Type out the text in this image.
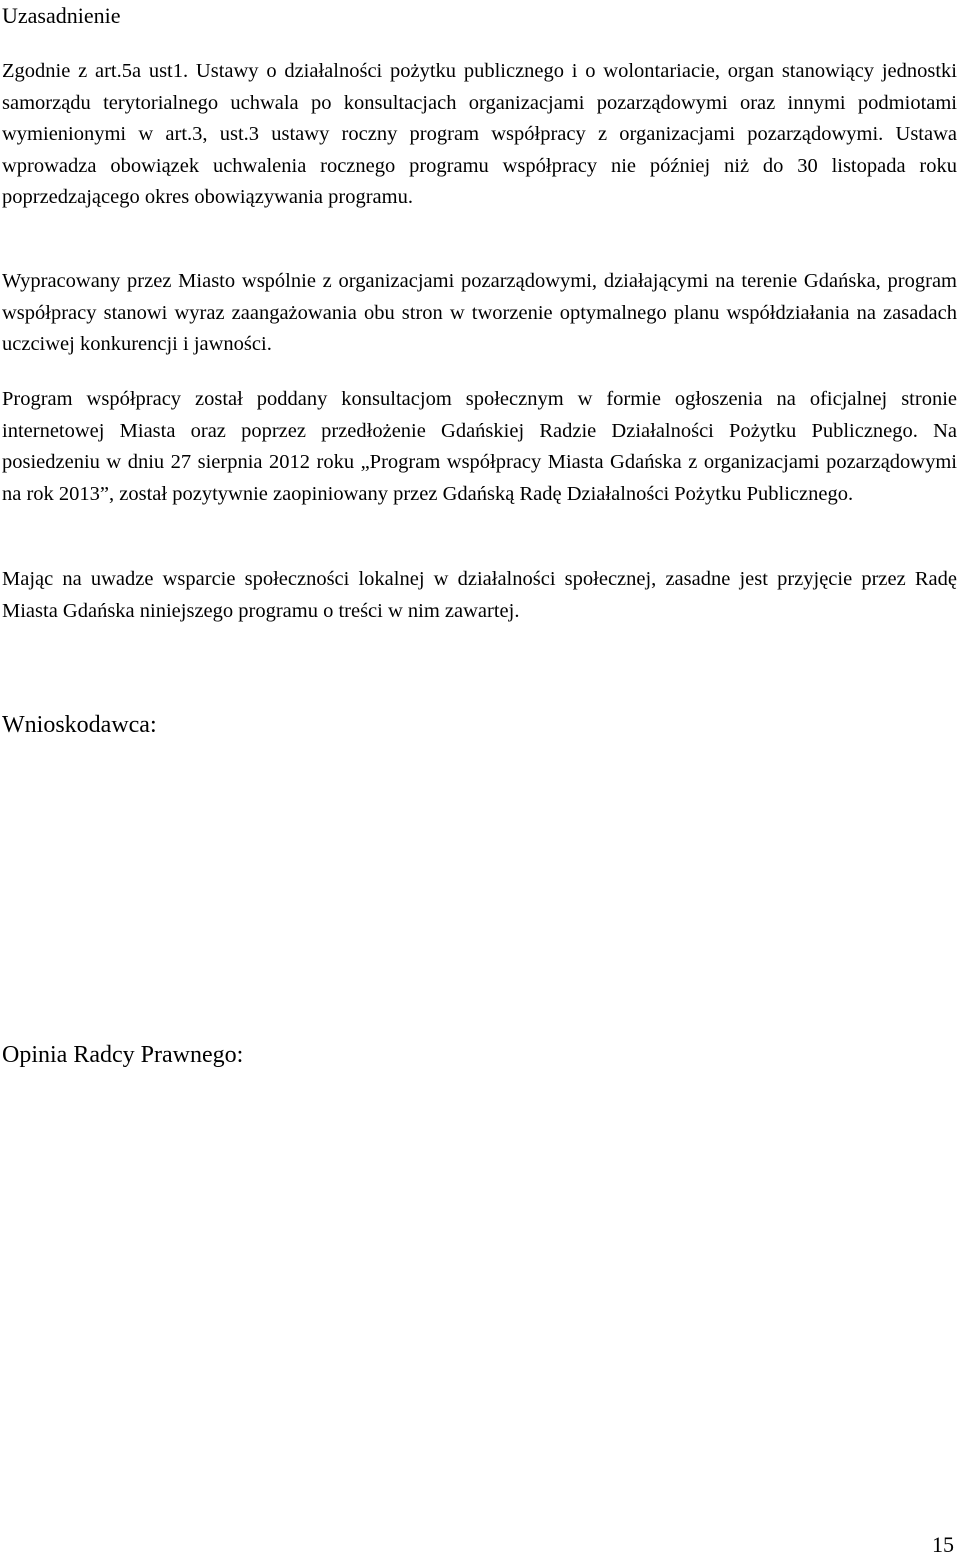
Uzasadnienie

Zgodnie z art.5a ust1. Ustawy o działalności pożytku publicznego i o wolontariacie, organ stanowiący jednostki samorządu terytorialnego uchwala po konsultacjach organizacjami pozarządowymi oraz innymi podmiotami wymienionymi w art.3, ust.3 ustawy roczny program współpracy z organizacjami pozarządowymi. Ustawa wprowadza obowiązek uchwalenia rocznego programu współpracy nie później niż do 30 listopada roku poprzedzającego okres obowiązywania programu.

Wypracowany przez Miasto wspólnie z organizacjami pozarządowymi, działającymi na terenie Gdańska, program współpracy stanowi wyraz zaangażowania obu stron w tworzenie optymalnego planu współdziałania na zasadach uczciwej konkurencji i jawności.

Program współpracy został poddany konsultacjom społecznym w formie ogłoszenia na oficjalnej stronie internetowej Miasta oraz poprzez przedłożenie Gdańskiej Radzie Działalności Pożytku Publicznego. Na posiedzeniu w dniu 27 sierpnia 2012 roku „Program współpracy Miasta Gdańska z organizacjami pozarządowymi na rok 2013”, został pozytywnie zaopiniowany przez Gdańską Radę Działalności Pożytku Publicznego.

Mając na uwadze wsparcie społeczności lokalnej w działalności społecznej, zasadne jest przyjęcie przez Radę Miasta Gdańska niniejszego programu o treści w nim zawartej.

Wnioskodawca:
Opinia Radcy Prawnego:
15
